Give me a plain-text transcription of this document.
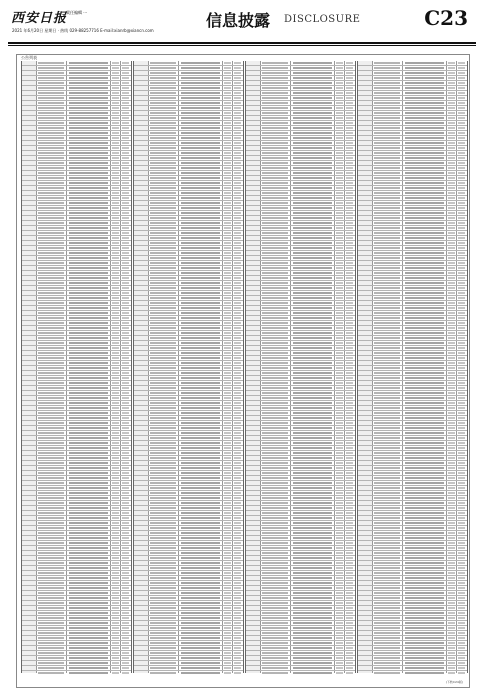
西安日报
責任編輯 ···
2021 年6月20日 星期日 · 热线 029-88257716 E-mail:xianrb@xiancn.com
信息披露 DISCLOSURE	C23
公告列表
(下转C24版)
